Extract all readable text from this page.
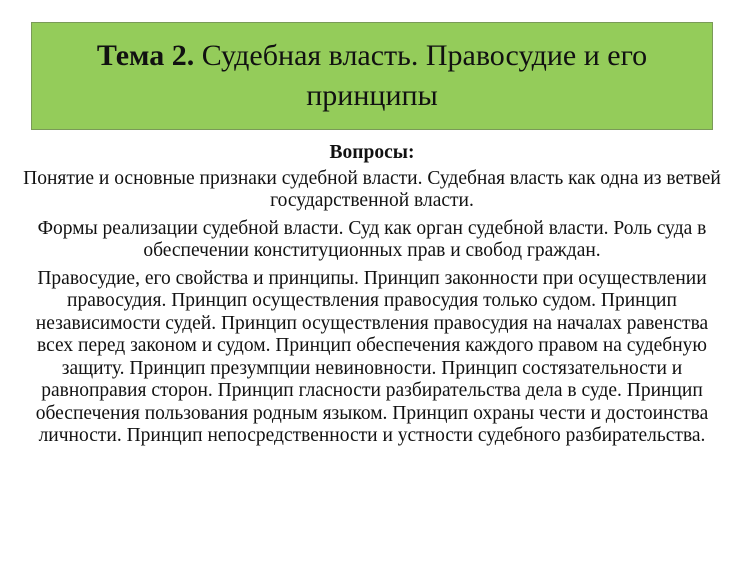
Тема 2. Судебная власть. Правосудие и его принципы
Вопросы:
Понятие и основные признаки судебной власти. Судебная власть как одна из ветвей государственной власти.
Формы реализации судебной власти. Суд как орган судебной власти. Роль суда в обеспечении конституционных прав и свобод граждан.
Правосудие, его свойства и принципы. Принцип законности при осуществлении правосудия. Принцип осуществления правосудия только судом. Принцип независимости судей. Принцип осуществления правосудия на началах равенства всех перед законом и судом. Принцип обеспечения каждого правом на судебную защиту. Принцип презумпции невиновности. Принцип состязательности и равноправия сторон. Принцип гласности разбирательства дела в суде. Принцип обеспечения пользования родным языком. Принцип охраны чести и достоинства личности. Принцип непосредственности и устности судебного разбирательства.
